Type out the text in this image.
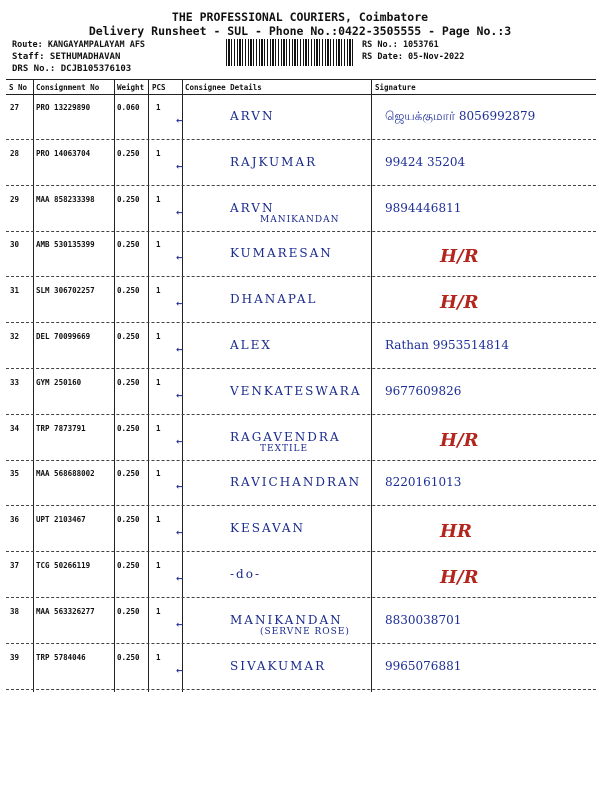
THE PROFESSIONAL COURIERS, Coimbatore
Delivery Runsheet - SUL - Phone No.:0422-3505555 - Page No.:3
Route: KANGAYAMPALAYAM AFS
Staff: SETHUMADHAVAN
DRS No.: DCJB105376103
RS No.: 1053761
RS Date: 05-Nov-2022
S No Consignment No Weight PCS	Consignee Details	Signature
27 PRO 13229890	0.060 1
←	ARVN	ஜெயக்குமார் 8056992879
28 PRO 14063704	0.250 1
←	RAJKUMAR	99424 35204
29 MAA 858233398	0.250 1
←	ARVN
MANIKANDAN
9894446811
30 AMB 530135399	0.250 1
←	KUMARESAN	H/R
31 SLM 306702257	0.250 1
←	DHANAPAL	H/R
32 DEL 70099669	0.250 1
←	ALEX	Rathan 9953514814
33 GYM 250160	0.250 1
←	VENKATESWARA 9677609826
34 TRP 7873791	0.250 1
←	RAGAVENDRA
TEXTILE	H/R
35 MAA 568688002	0.250 1
←	RAVICHANDRAN 8220161013
36 UPT 2103467	0.250 1
←	KESAVAN	HR
37 TCG 50266119	0.250 1
←	-do-	H/R
38 MAA 563326277	0.250 1
←	MANIKANDAN
(SERVNE ROSE)
8830038701
39 TRP 5784046	0.250 1
←	SIVAKUMAR	9965076881
